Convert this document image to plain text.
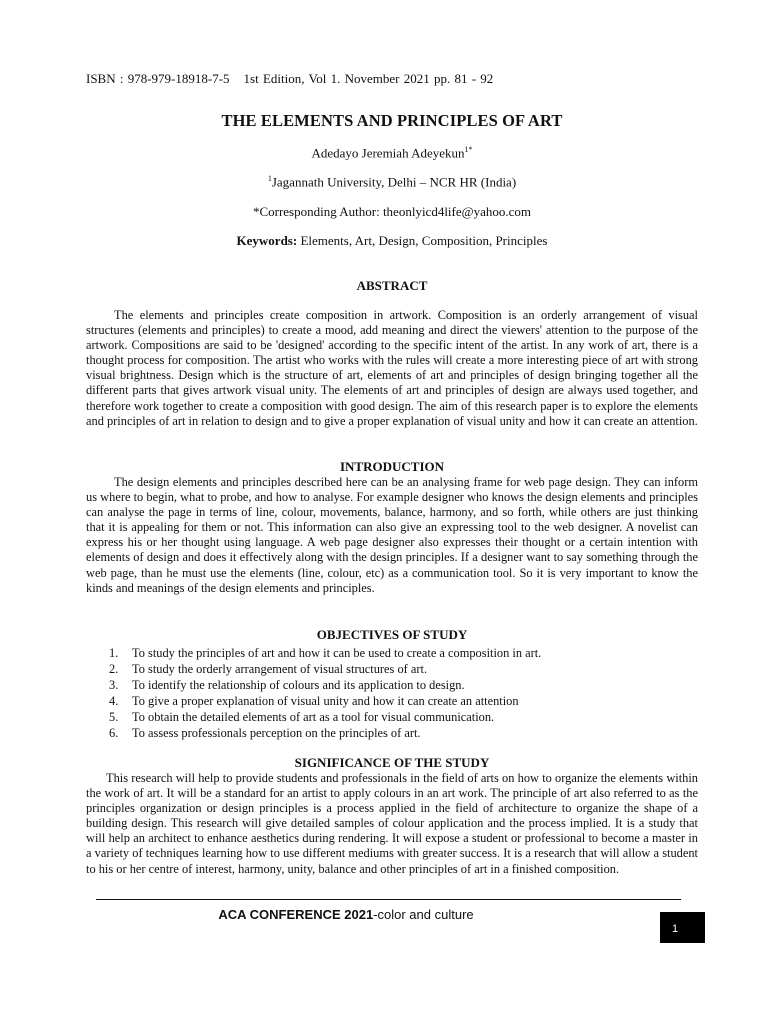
ISBN : 978-979-18918-7-5 1st Edition, Vol 1. November 2021 pp. 81 - 92
THE ELEMENTS AND PRINCIPLES OF ART
Adedayo Jeremiah Adeyekun$^{1*}$
$^1$Jagannath University, Delhi – NCR HR (India)
*Corresponding Author: theonlyicd4life@yahoo.com
Keywords: Elements, Art, Design, Composition, Principles
ABSTRACT

The elements and principles create composition in artwork. Composition is an orderly arrangement of visual structures (elements and principles) to create a mood, add meaning and direct the viewers' attention to the purpose of the artwork. Compositions are said to be 'designed' according to the specific intent of the artist. In any work of art, there is a thought process for composition. The artist who works with the rules will create a more interesting piece of art with strong visual brightness. Design which is the structure of art, elements of art and principles of design bringing together all the different parts that gives artwork visual unity. The elements of art and principles of design are always used together, and therefore work together to create a composition with good design. The aim of this research paper is to explore the elements and principles of art in relation to design and to give a proper explanation of visual unity and how it can create an attention.

INTRODUCTION

The design elements and principles described here can be an analysing frame for web page design. They can inform us where to begin, what to probe, and how to analyse. For example designer who knows the design elements and principles can analyse the page in terms of line, colour, movements, balance, harmony, and so forth, while others are just thinking that it is appealing for them or not. This information can also give an expressing tool to the web designer. A novelist can express his or her thought using language. A web page designer also expresses their thought or a certain intention with elements of design and does it effectively along with the design principles. If a designer want to say something through the web page, than he must use the elements (line, colour, etc) as a communication tool. So it is very important to know the kinds and meanings of the design elements and principles.

OBJECTIVES OF STUDY
1. To study the principles of art and how it can be used to create a composition in art.
2. To study the orderly arrangement of visual structures of art.
3. To identify the relationship of colours and its application to design.
4. To give a proper explanation of visual unity and how it can create an attention
5. To obtain the detailed elements of art as a tool for visual communication.
6. To assess professionals perception on the principles of art.
SIGNIFICANCE OF THE STUDY

This research will help to provide students and professionals in the field of arts on how to organize the elements within the work of art. It will be a standard for an artist to apply colours in an art work. The principle of art also referred to as the principles organization or design principles is a process applied in the field of architecture to organize the shape of a building design. This research will give detailed samples of colour application and the process implied. It is a study that will help an architect to enhance aesthetics during rendering. It will expose a student or professional to become a master in a variety of techniques learning how to use different mediums with greater success. It is a research that will allow a student to his or her centre of interest, harmony, unity, balance and other principles of art in a finished composition.

ACA CONFERENCE 2021-color and culture
1
